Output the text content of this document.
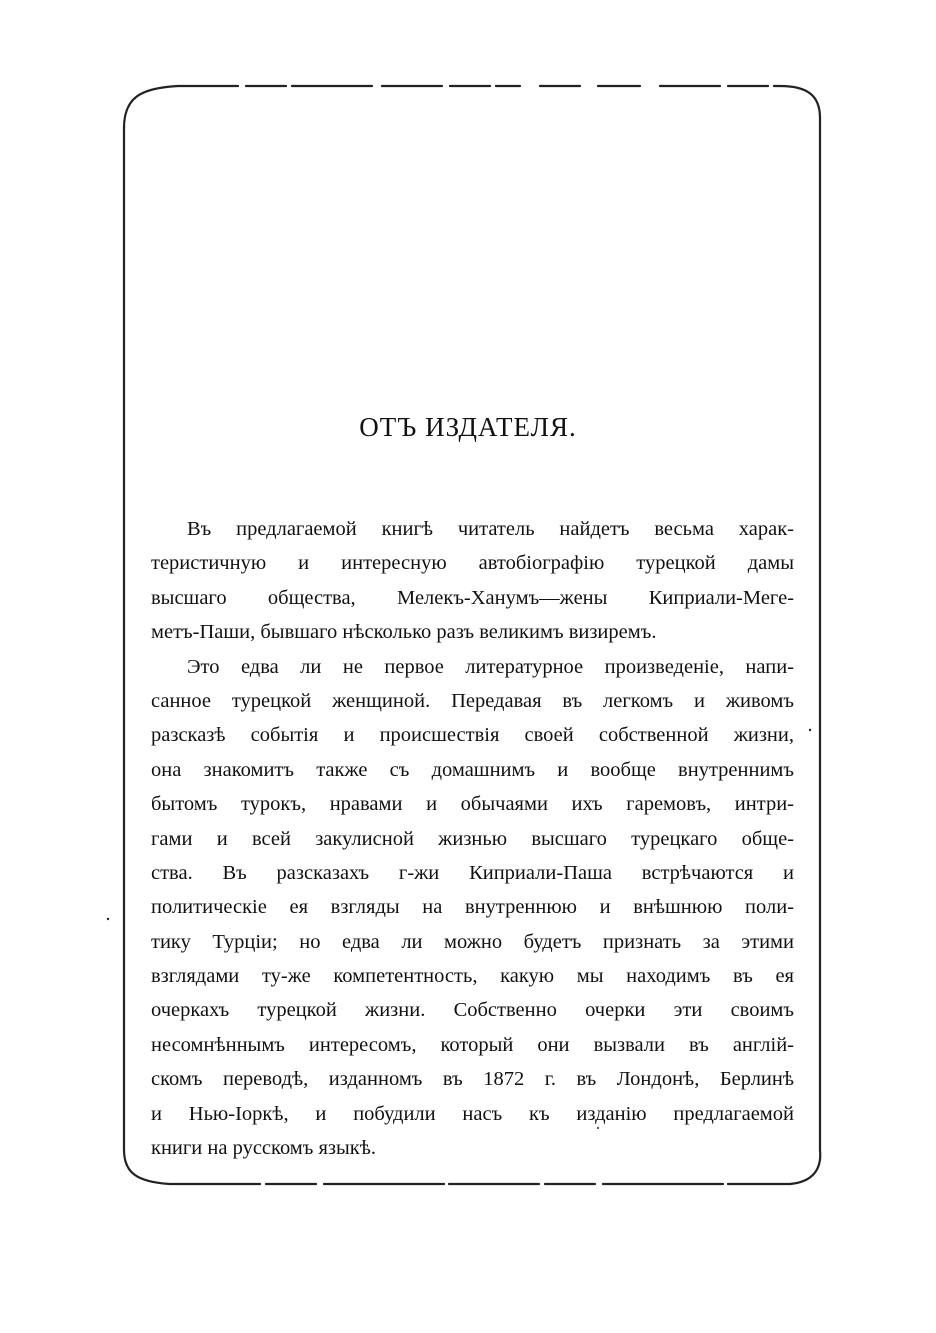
ОТЪ ИЗДАТЕЛЯ.

Въ предлагаемой книгѣ читатель найдетъ весьма харак-
теристичную и интересную автобіографію турецкой дамы
высшаго общества, Мелекъ-Ханумъ—жены Киприали-Меге-
метъ-Паши, бывшаго нѣсколько разъ великимъ визиремъ.

Это едва ли не первое литературное произведеніе, напи-
санное турецкой женщиной. Передавая въ легкомъ и живомъ
разсказѣ событія и происшествія своей собственной жизни,
она знакомитъ также съ домашнимъ и вообще внутреннимъ
бытомъ турокъ, нравами и обычаями ихъ гаремовъ, интри-
гами и всей закулисной жизнью высшаго турецкаго обще-
ства. Въ разсказахъ г-жи Киприали-Паша встрѣчаются и
политическіе ея взгляды на внутреннюю и внѣшнюю поли-
тику Турціи; но едва ли можно будетъ признать за этими
взглядами ту-же компетентность, какую мы находимъ въ ея
очеркахъ турецкой жизни. Собственно очерки эти своимъ
несомнѣннымъ интересомъ, который они вызвали въ англій-
скомъ переводѣ, изданномъ въ 1872 г. въ Лондонѣ, Берлинѣ
и Нью-Іоркѣ, и побудили насъ къ изданію предлагаемой
книги на русскомъ языкѣ.
